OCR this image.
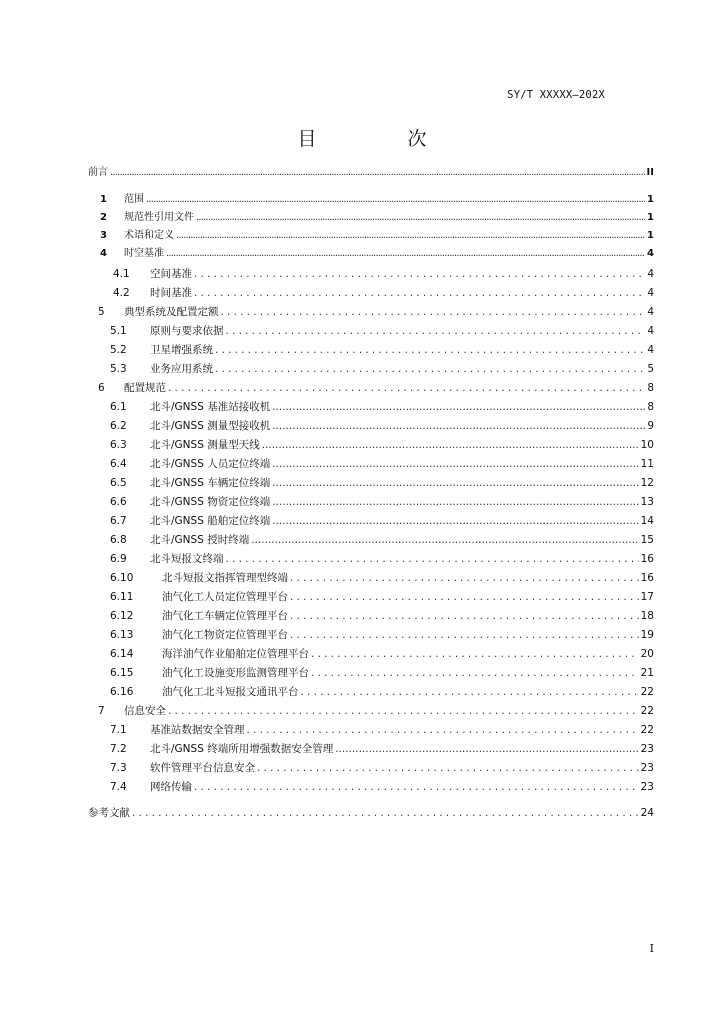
SY/T XXXXX—202X
目　次
前言 .....	II
1 范围 .....	1
2 规范性引用文件 .....	1
3 术语和定义 .....	1
4 时空基准 .....	4
4.1 空间基准 .....	4
4.2 时间基准 .....	4
5 典型系统及配置定额 .....	4
5.1 原则与要求依据 .....	4
5.2 卫星增强系统 .....	4
5.3 业务应用系统 .....	5
6 配置规范 .....	8
6.1 北斗/GNSS 基准站接收机 .....	8
6.2 北斗/GNSS 测量型接收机 .....	9
6.3 北斗/GNSS 测量型天线 .....	10
6.4 北斗/GNSS 人员定位终端 .....	11
6.5 北斗/GNSS 车辆定位终端 .....	12
6.6 北斗/GNSS 物资定位终端 .....	13
6.7 北斗/GNSS 船舶定位终端 .....	14
6.8 北斗/GNSS 授时终端 .....	15
6.9 北斗短报文终端 .....	16
6.10	北斗短报文指挥管理型终端 .....	16
6.11	油气化工人员定位管理平台 .....	17
6.12	油气化工车辆定位管理平台 .....	18
6.13	油气化工物资定位管理平台 .....	19
6.14	海洋油气作业船舶定位管理平台 .....	20
6.15	油气化工设施变形监测管理平台 .....	21
6.16	油气化工北斗短报文通讯平台 .....	22
7 信息安全 .....	22
7.1 基准站数据安全管理 .....	22
7.2 北斗/GNSS 终端所用增强数据安全管理 .....	23
7.3 软件管理平台信息安全 .....	23
7.4 网络传输 .....	23
参考文献 .....	24
I
